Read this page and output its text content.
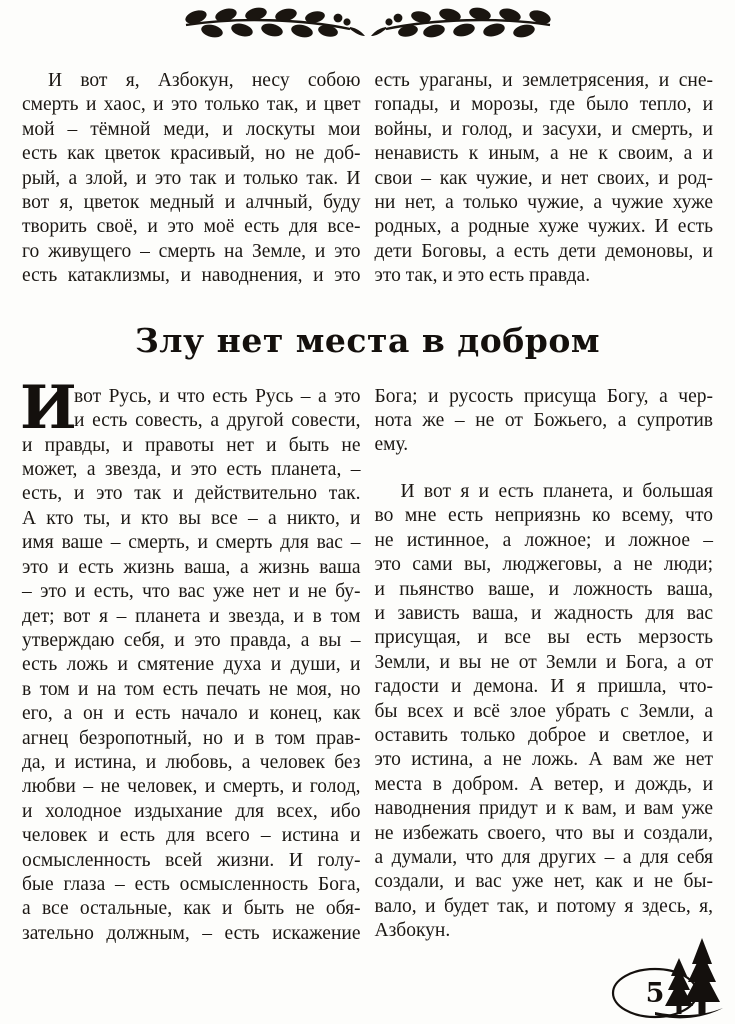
И вот я, Азбокун, несу собою
смерть и хаос, и это только так, и цвет
мой – тёмной меди, и лоскуты мои
есть как цветок красивый, но не доб-
рый, а злой, и это так и только так. И
вот я, цветок медный и алчный, буду
творить своё, и это моё есть для все-
го живущего – смерть на Земле, и это
есть катаклизмы, и наводнения, и это
есть ураганы, и землетрясения, и сне-
гопады, и морозы, где было тепло, и
войны, и голод, и засухи, и смерть, и
ненависть к иным, а не к своим, а и
свои – как чужие, и нет своих, и род-
ни нет, а только чужие, а чужие хуже
родных, а родные хуже чужих. И есть
дети Боговы, а есть дети демоновы, и
это так, и это есть правда.
Злу нет места в добром
И
вот Русь, и что есть Русь – а это
и есть совесть, а другой совести,
и правды, и правоты нет и быть не
может, а звезда, и это есть планета, –
есть, и это так и действительно так.
А кто ты, и кто вы все – а никто, и
имя ваше – смерть, и смерть для вас –
это и есть жизнь ваша, а жизнь ваша
– это и есть, что вас уже нет и не бу-
дет; вот я – планета и звезда, и в том
утверждаю себя, и это правда, а вы –
есть ложь и смятение духа и души, и
в том и на том есть печать не моя, но
его, а он и есть начало и конец, как
агнец безропотный, но и в том прав-
да, и истина, и любовь, а человек без
любви – не человек, и смерть, и голод,
и холодное издыхание для всех, ибо
человек и есть для всего – истина и
осмысленность всей жизни. И голу-
бые глаза – есть осмысленность Бога,
а все остальные, как и быть не обя-
зательно должным, – есть искажение
Бога; и русость присуща Богу, а чер-
нота же – не от Божьего, а супротив
ему.
И вот я и есть планета, и большая
во мне есть неприязнь ко всему, что
не истинное, а ложное; и ложное –
это сами вы, люджеговы, а не люди;
и пьянство ваше, и ложность ваша,
и зависть ваша, и жадность для вас
присущая, и все вы есть мерзость
Земли, и вы не от Земли и Бога, а от
гадости и демона. И я пришла, что-
бы всех и всё злое убрать с Земли, а
оставить только доброе и светлое, и
это истина, а не ложь. А вам же нет
места в добром. А ветер, и дождь, и
наводнения придут и к вам, и вам уже
не избежать своего, что вы и создали,
а думали, что для других – а для себя
создали, и вас уже нет, как и не бы-
вало, и будет так, и потому я здесь, я,
Азбокун.
5
